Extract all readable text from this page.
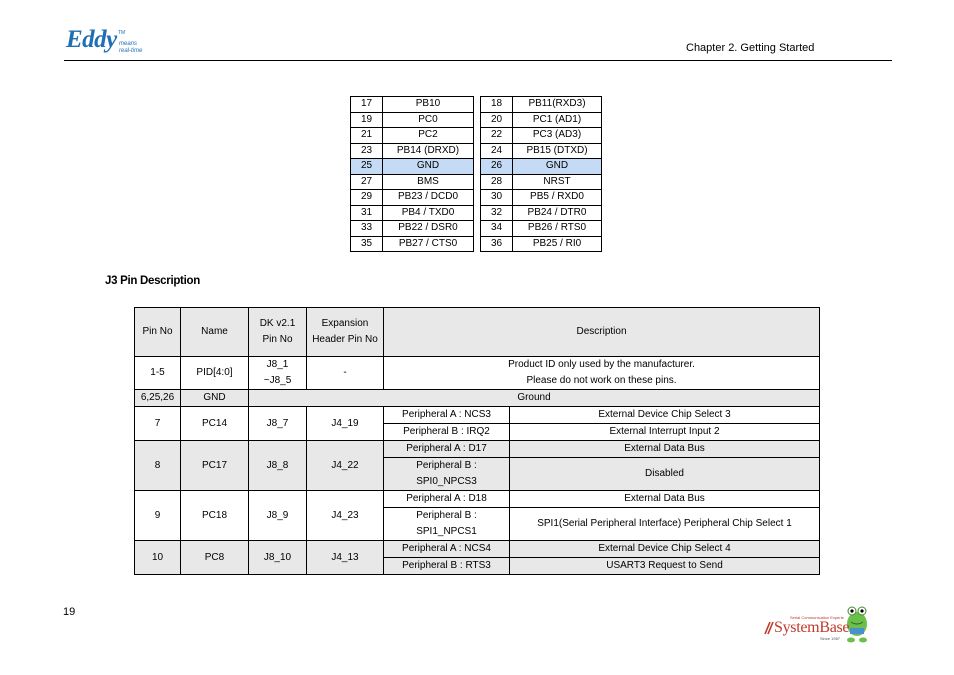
Eddy TM
means
real-time	Chapter 2. Getting Started
17	PB10
19	PC0
21	PC2
23	PB14 (DRXD)
25	GND
27	BMS
29	PB23 / DCD0
31	PB4 / TXD0
33	PB22 / DSR0
35	PB27 / CTS0
18	PB11(RXD3)
20	PC1 (AD1)
22	PC3 (AD3)
24	PB15 (DTXD)
26	GND
28	NRST
30	PB5 / RXD0
32	PB24 / DTR0
34	PB26 / RTS0
36	PB25 / RI0
J3 Pin Description
Pin No	Name	DK v2.1 Pin No	Expansion Header Pin No	Description	
1-5	PID[4:0]	J8_1 ~J8_5	-	Product ID only used by the manufacturer.
Please do not work on these pins.	

6,25,26	GND	Ground			
7	PC14	J8_7	J4_19	Peripheral A : NCS3	External Device Chip Select 3
				Peripheral B : IRQ2	External Interrupt Input 2
8	PC17	J8_8	J4_22	Peripheral A : D17	External Data Bus

				Peripheral B :
SPI0_NPCS3	Disabled
9	PC18	J8_9	J4_23	Peripheral A : D18	External Data Bus

				Peripheral B :
SPI1_NPCS1	SPI1(Serial Peripheral Interface) Peripheral Chip Select 1
10	PC8	J8_10	J4_13	Peripheral A : NCS4	External Device Chip Select 4
				Peripheral B : RTS3	USART3 Request to Send
19	Serial Communication Experts
SystemBase
Since 1987
